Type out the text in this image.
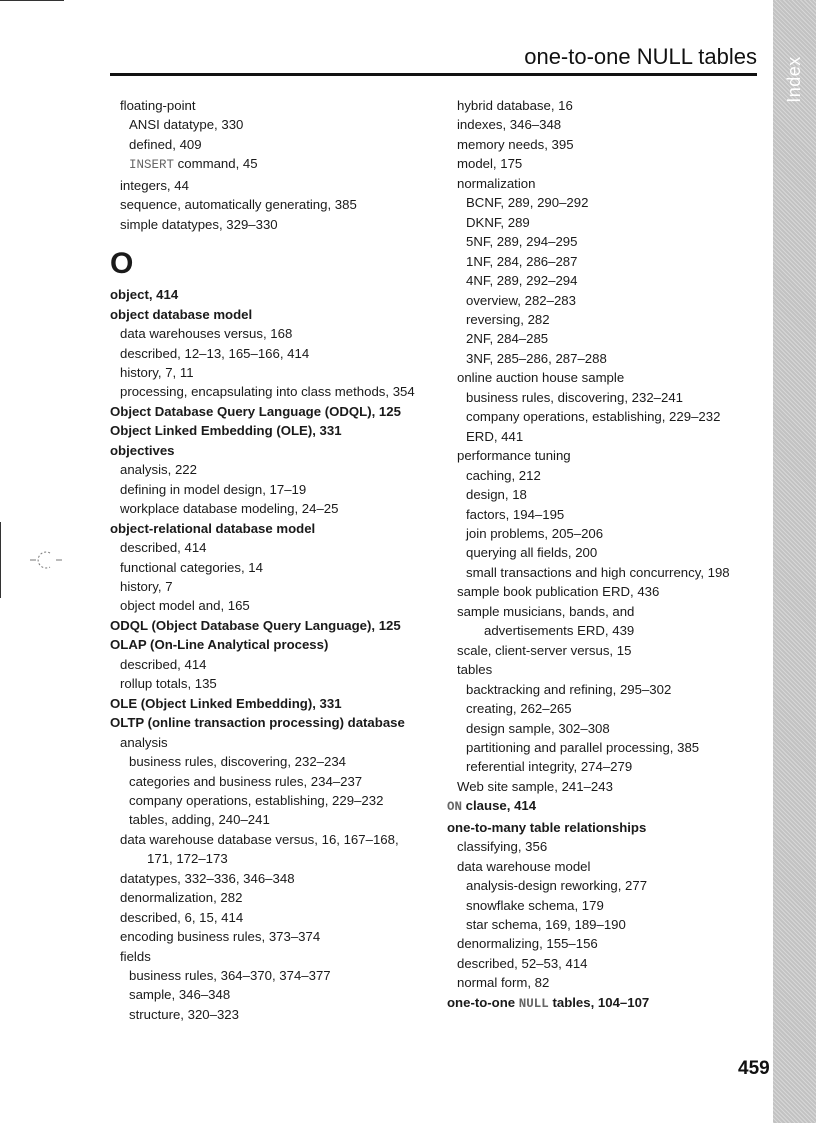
Index
one-to-one NULL tables
floating-point
ANSI datatype, 330
defined, 409
INSERT command, 45
integers, 44
sequence, automatically generating, 385
simple datatypes, 329–330
O
object, 414
object database model
data warehouses versus, 168
described, 12–13, 165–166, 414
history, 7, 11
processing, encapsulating into class methods, 354
Object Database Query Language (ODQL), 125
Object Linked Embedding (OLE), 331
objectives
analysis, 222
defining in model design, 17–19
workplace database modeling, 24–25
object-relational database model
described, 414
functional categories, 14
history, 7
object model and, 165
ODQL (Object Database Query Language), 125
OLAP (On-Line Analytical process)
described, 414
rollup totals, 135
OLE (Object Linked Embedding), 331
OLTP (online transaction processing) database
analysis
business rules, discovering, 232–234
categories and business rules, 234–237
company operations, establishing, 229–232
tables, adding, 240–241
data warehouse database versus, 16, 167–168,
171, 172–173
datatypes, 332–336, 346–348
denormalization, 282
described, 6, 15, 414
encoding business rules, 373–374
fields
business rules, 364–370, 374–377
sample, 346–348
structure, 320–323
hybrid database, 16
indexes, 346–348
memory needs, 395
model, 175
normalization
BCNF, 289, 290–292
DKNF, 289
5NF, 289, 294–295
1NF, 284, 286–287
4NF, 289, 292–294
overview, 282–283
reversing, 282
2NF, 284–285
3NF, 285–286, 287–288
online auction house sample
business rules, discovering, 232–241
company operations, establishing, 229–232
ERD, 441
performance tuning
caching, 212
design, 18
factors, 194–195
join problems, 205–206
querying all fields, 200
small transactions and high concurrency, 198
sample book publication ERD, 436
sample musicians, bands, and
advertisements ERD, 439
scale, client-server versus, 15
tables
backtracking and refining, 295–302
creating, 262–265
design sample, 302–308
partitioning and parallel processing, 385
referential integrity, 274–279
Web site sample, 241–243
ON clause, 414
one-to-many table relationships
classifying, 356
data warehouse model
analysis-design reworking, 277
snowflake schema, 179
star schema, 169, 189–190
denormalizing, 155–156
described, 52–53, 414
normal form, 82
one-to-one NULL tables, 104–107
459
